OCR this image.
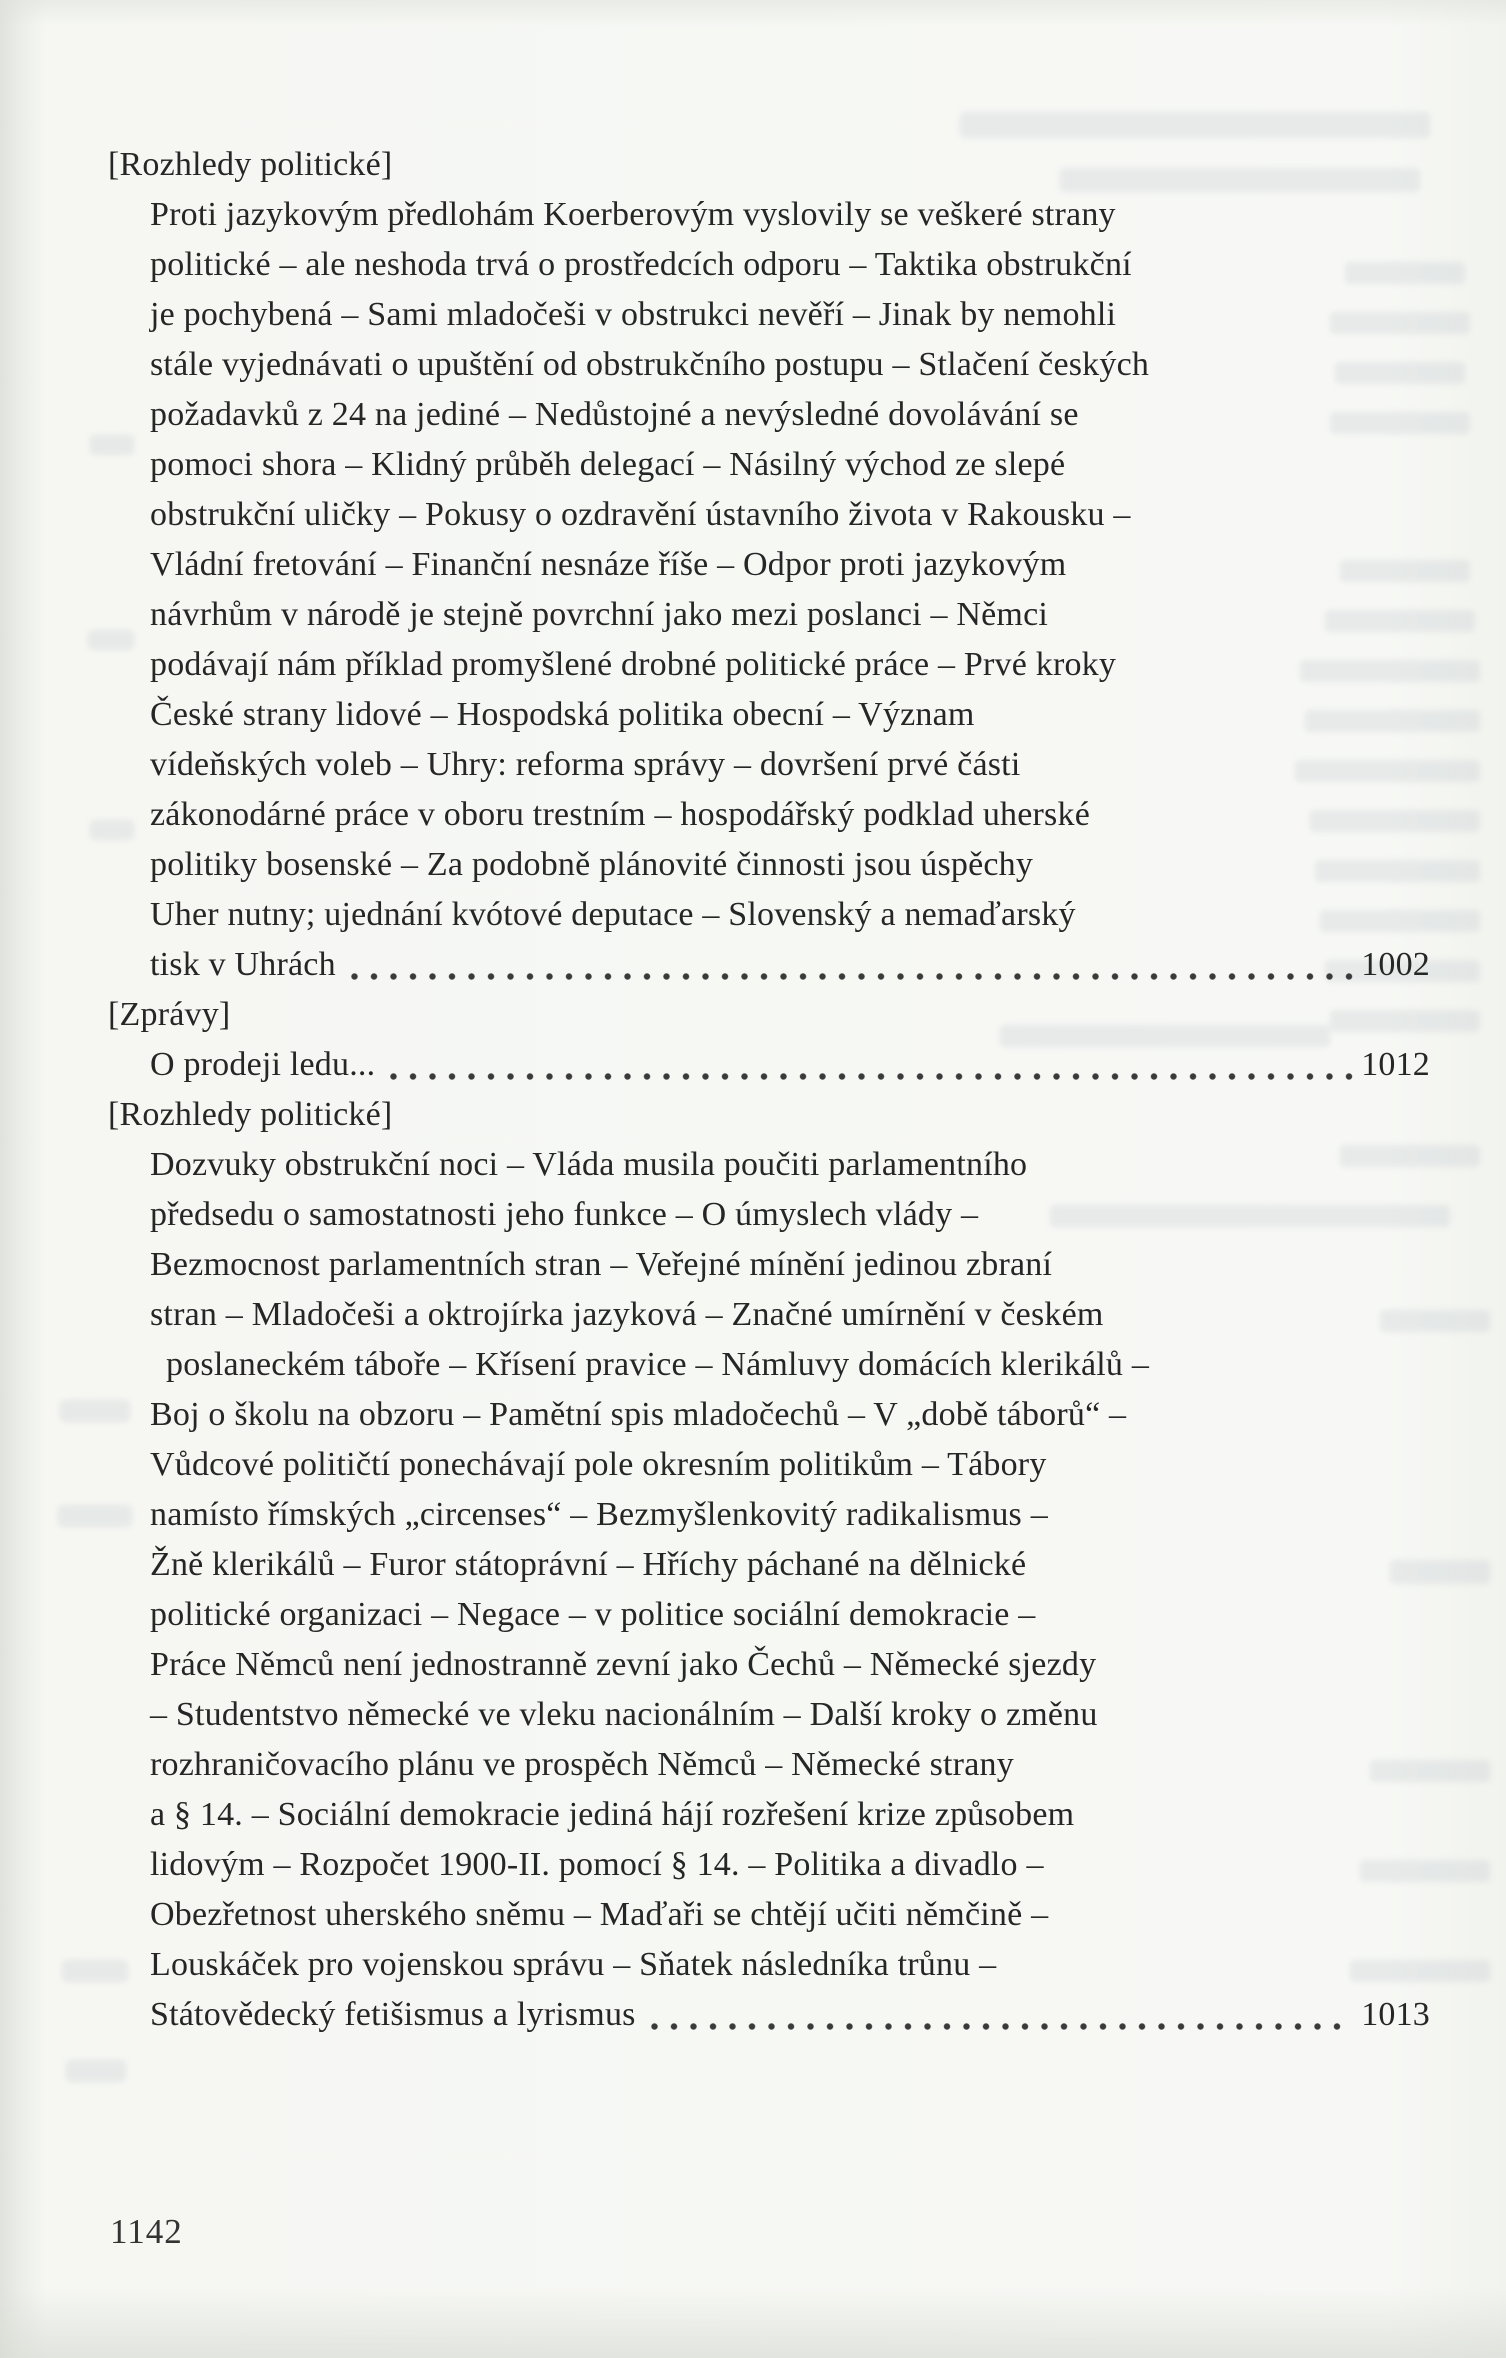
[Rozhledy politické]
Proti jazykovým předlohám Koerberovým vyslovily se veškeré strany
politické – ale neshoda trvá o prostředcích odporu – Taktika obstrukční
je pochybená – Sami mladočeši v obstrukci nevěří – Jinak by nemohli
stále vyjednávati o upuštění od obstrukčního postupu – Stlačení českých
požadavků z 24 na jediné – Nedůstojné a nevýsledné dovolávání se
pomoci shora – Klidný průběh delegací – Násilný východ ze slepé
obstrukční uličky – Pokusy o ozdravění ústavního života v Rakousku –
Vládní fretování – Finanční nesnáze říše – Odpor proti jazykovým
návrhům v národě je stejně povrchní jako mezi poslanci – Němci
podávají nám příklad promyšlené drobné politické práce – Prvé kroky
České strany lidové – Hospodská politika obecní – Význam
vídeňských voleb – Uhry: reforma správy – dovršení prvé části
zákonodárné práce v oboru trestním – hospodářský podklad uherské
politiky bosenské – Za podobně plánovité činnosti jsou úspěchy
Uher nutny; ujednání kvótové deputace – Slovenský a nemaďarský
tisk v Uhrách	1002
[Zprávy]
O prodeji ledu...	1012
[Rozhledy politické]
Dozvuky obstrukční noci – Vláda musila poučiti parlamentního
předsedu o samostatnosti jeho funkce – O úmyslech vlády –
Bezmocnost parlamentních stran – Veřejné mínění jedinou zbraní
stran – Mladočeši a oktrojírka jazyková – Značné umírnění v českém
poslaneckém táboře – Křísení pravice – Námluvy domácích klerikálů –
Boj o školu na obzoru – Pamětní spis mladočechů – V „době táborů“ –
Vůdcové političtí ponechávají pole okresním politikům – Tábory
namísto římských „circenses“ – Bezmyšlenkovitý radikalismus –
Žně klerikálů – Furor státoprávní – Hříchy páchané na dělnické
politické organizaci – Negace – v politice sociální demokracie –
Práce Němců není jednostranně zevní jako Čechů – Německé sjezdy
– Studentstvo německé ve vleku nacionálním – Další kroky o změnu
rozhraničovacího plánu ve prospěch Němců – Německé strany
a § 14. – Sociální demokracie jediná hájí rozřešení krize způsobem
lidovým – Rozpočet 1900-II. pomocí § 14. – Politika a divadlo –
Obezřetnost uherského sněmu – Maďaři se chtějí učiti němčině –
Louskáček pro vojenskou správu – Sňatek následníka trůnu –
Státovědecký fetišismus a lyrismus	1013
1142
